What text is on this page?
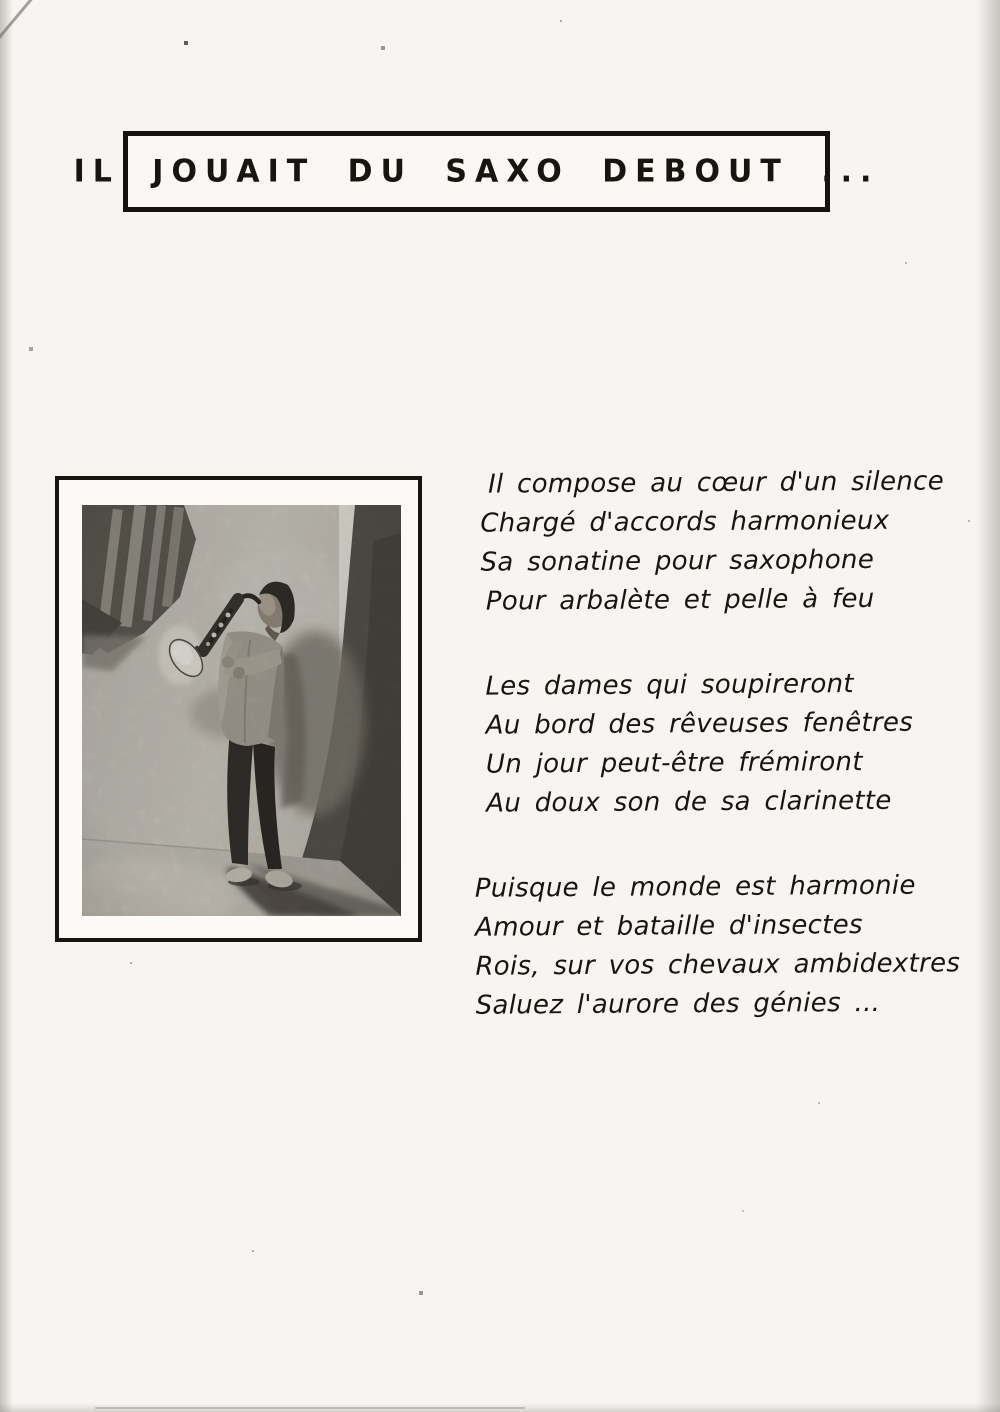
IL JOUAIT DU SAXO DEBOUT ...
Il compose au cœur d'un silence
Chargé d'accords harmonieux
Sa sonatine pour saxophone
Pour arbalète et pelle à feu
Les dames qui soupireront
Au bord des rêveuses fenêtres
Un jour peut-être frémiront
Au doux son de sa clarinette
Puisque le monde est harmonie
Amour et bataille d'insectes
Rois, sur vos chevaux ambidextres
Saluez l'aurore des génies ...
